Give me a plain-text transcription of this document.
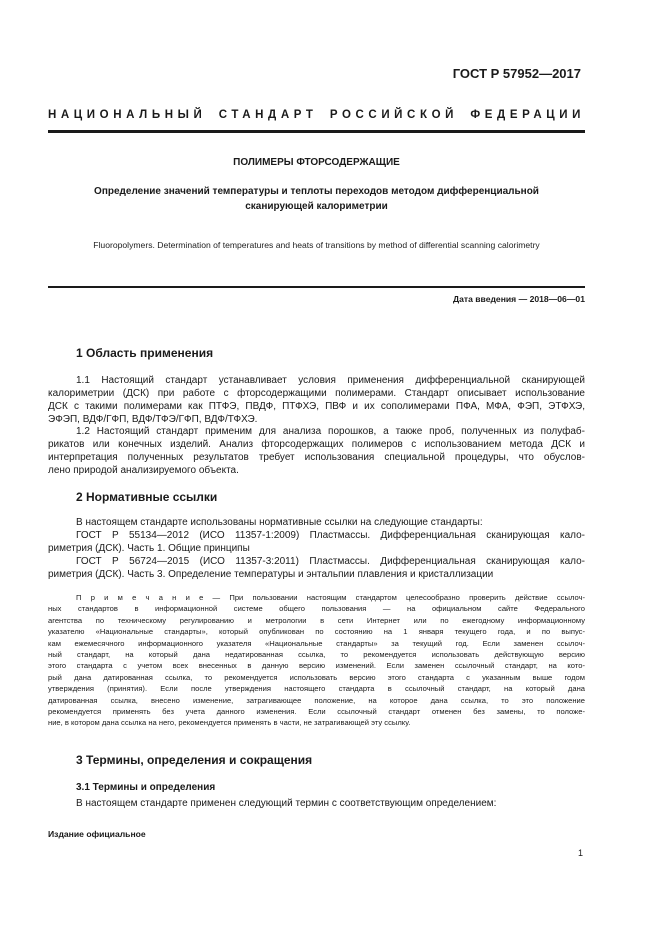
ГОСТ Р 57952—2017
НАЦИОНАЛЬНЫЙ СТАНДАРТ РОССИЙСКОЙ ФЕДЕРАЦИИ
ПОЛИМЕРЫ ФТОРСОДЕРЖАЩИЕ
Определение значений температуры и теплоты переходов методом дифференциальной сканирующей калориметрии
Fluoropolymers. Determination of temperatures and heats of transitions by method of differential scanning calorimetry
Дата введения — 2018—06—01
1 Область применения
1.1 Настоящий стандарт устанавливает условия применения дифференциальной сканирующей
калориметрии (ДСК) при работе с фторсодержащими полимерами. Стандарт описывает использование
ДСК с такими полимерами как ПТФЭ, ПВДФ, ПТФХЭ, ПВФ и их сополимерами ПФА, МФА, ФЭП, ЭТФХЭ,
ЭФЭП, ВДФ/ГФП, ВДФ/ТФЭ/ГФП, ВДФ/ТФХЭ.
1.2 Настоящий стандарт применим для анализа порошков, а также проб, полученных из полуфаб-
рикатов или конечных изделий. Анализ фторсодержащих полимеров с использованием метода ДСК и
интерпретация полученных результатов требует использования специальной процедуры, что обуслов-
лено природой анализируемого объекта.
2 Нормативные ссылки
В настоящем стандарте использованы нормативные ссылки на следующие стандарты:
ГОСТ Р 55134—2012 (ИСО 11357-1:2009) Пластмассы. Дифференциальная сканирующая кало-
риметрия (ДСК). Часть 1. Общие принципы
ГОСТ Р 56724—2015 (ИСО 11357-3:2011) Пластмассы. Дифференциальная сканирующая кало-
риметрия (ДСК). Часть 3. Определение температуры и энтальпии плавления и кристаллизации
П р и м е ч а н и е — При пользовании настоящим стандартом целесообразно проверить действие ссылоч-
ных стандартов в информационной системе общего пользования — на официальном сайте Федерального
агентства по техническому регулированию и метрологии в сети Интернет или по ежегодному информационному
указателю «Национальные стандарты», который опубликован по состоянию на 1 января текущего года, и по выпус-
кам ежемесячного информационного указателя «Национальные стандарты» за текущий год. Если заменен ссылоч-
ный стандарт, на который дана недатированная ссылка, то рекомендуется использовать действующую версию
этого стандарта с учетом всех внесенных в данную версию изменений. Если заменен ссылочный стандарт, на кото-
рый дана датированная ссылка, то рекомендуется использовать версию этого стандарта с указанным выше годом
утверждения (принятия). Если после утверждения настоящего стандарта в ссылочный стандарт, на который дана
датированная ссылка, внесено изменение, затрагивающее положение, на которое дана ссылка, то это положение
рекомендуется применять без учета данного изменения. Если ссылочный стандарт отменен без замены, то положе-
ние, в котором дана ссылка на него, рекомендуется применять в части, не затрагивающей эту ссылку.
3 Термины, определения и сокращения
3.1 Термины и определения
В настоящем стандарте применен следующий термин с соответствующим определением:
Издание официальное
1
